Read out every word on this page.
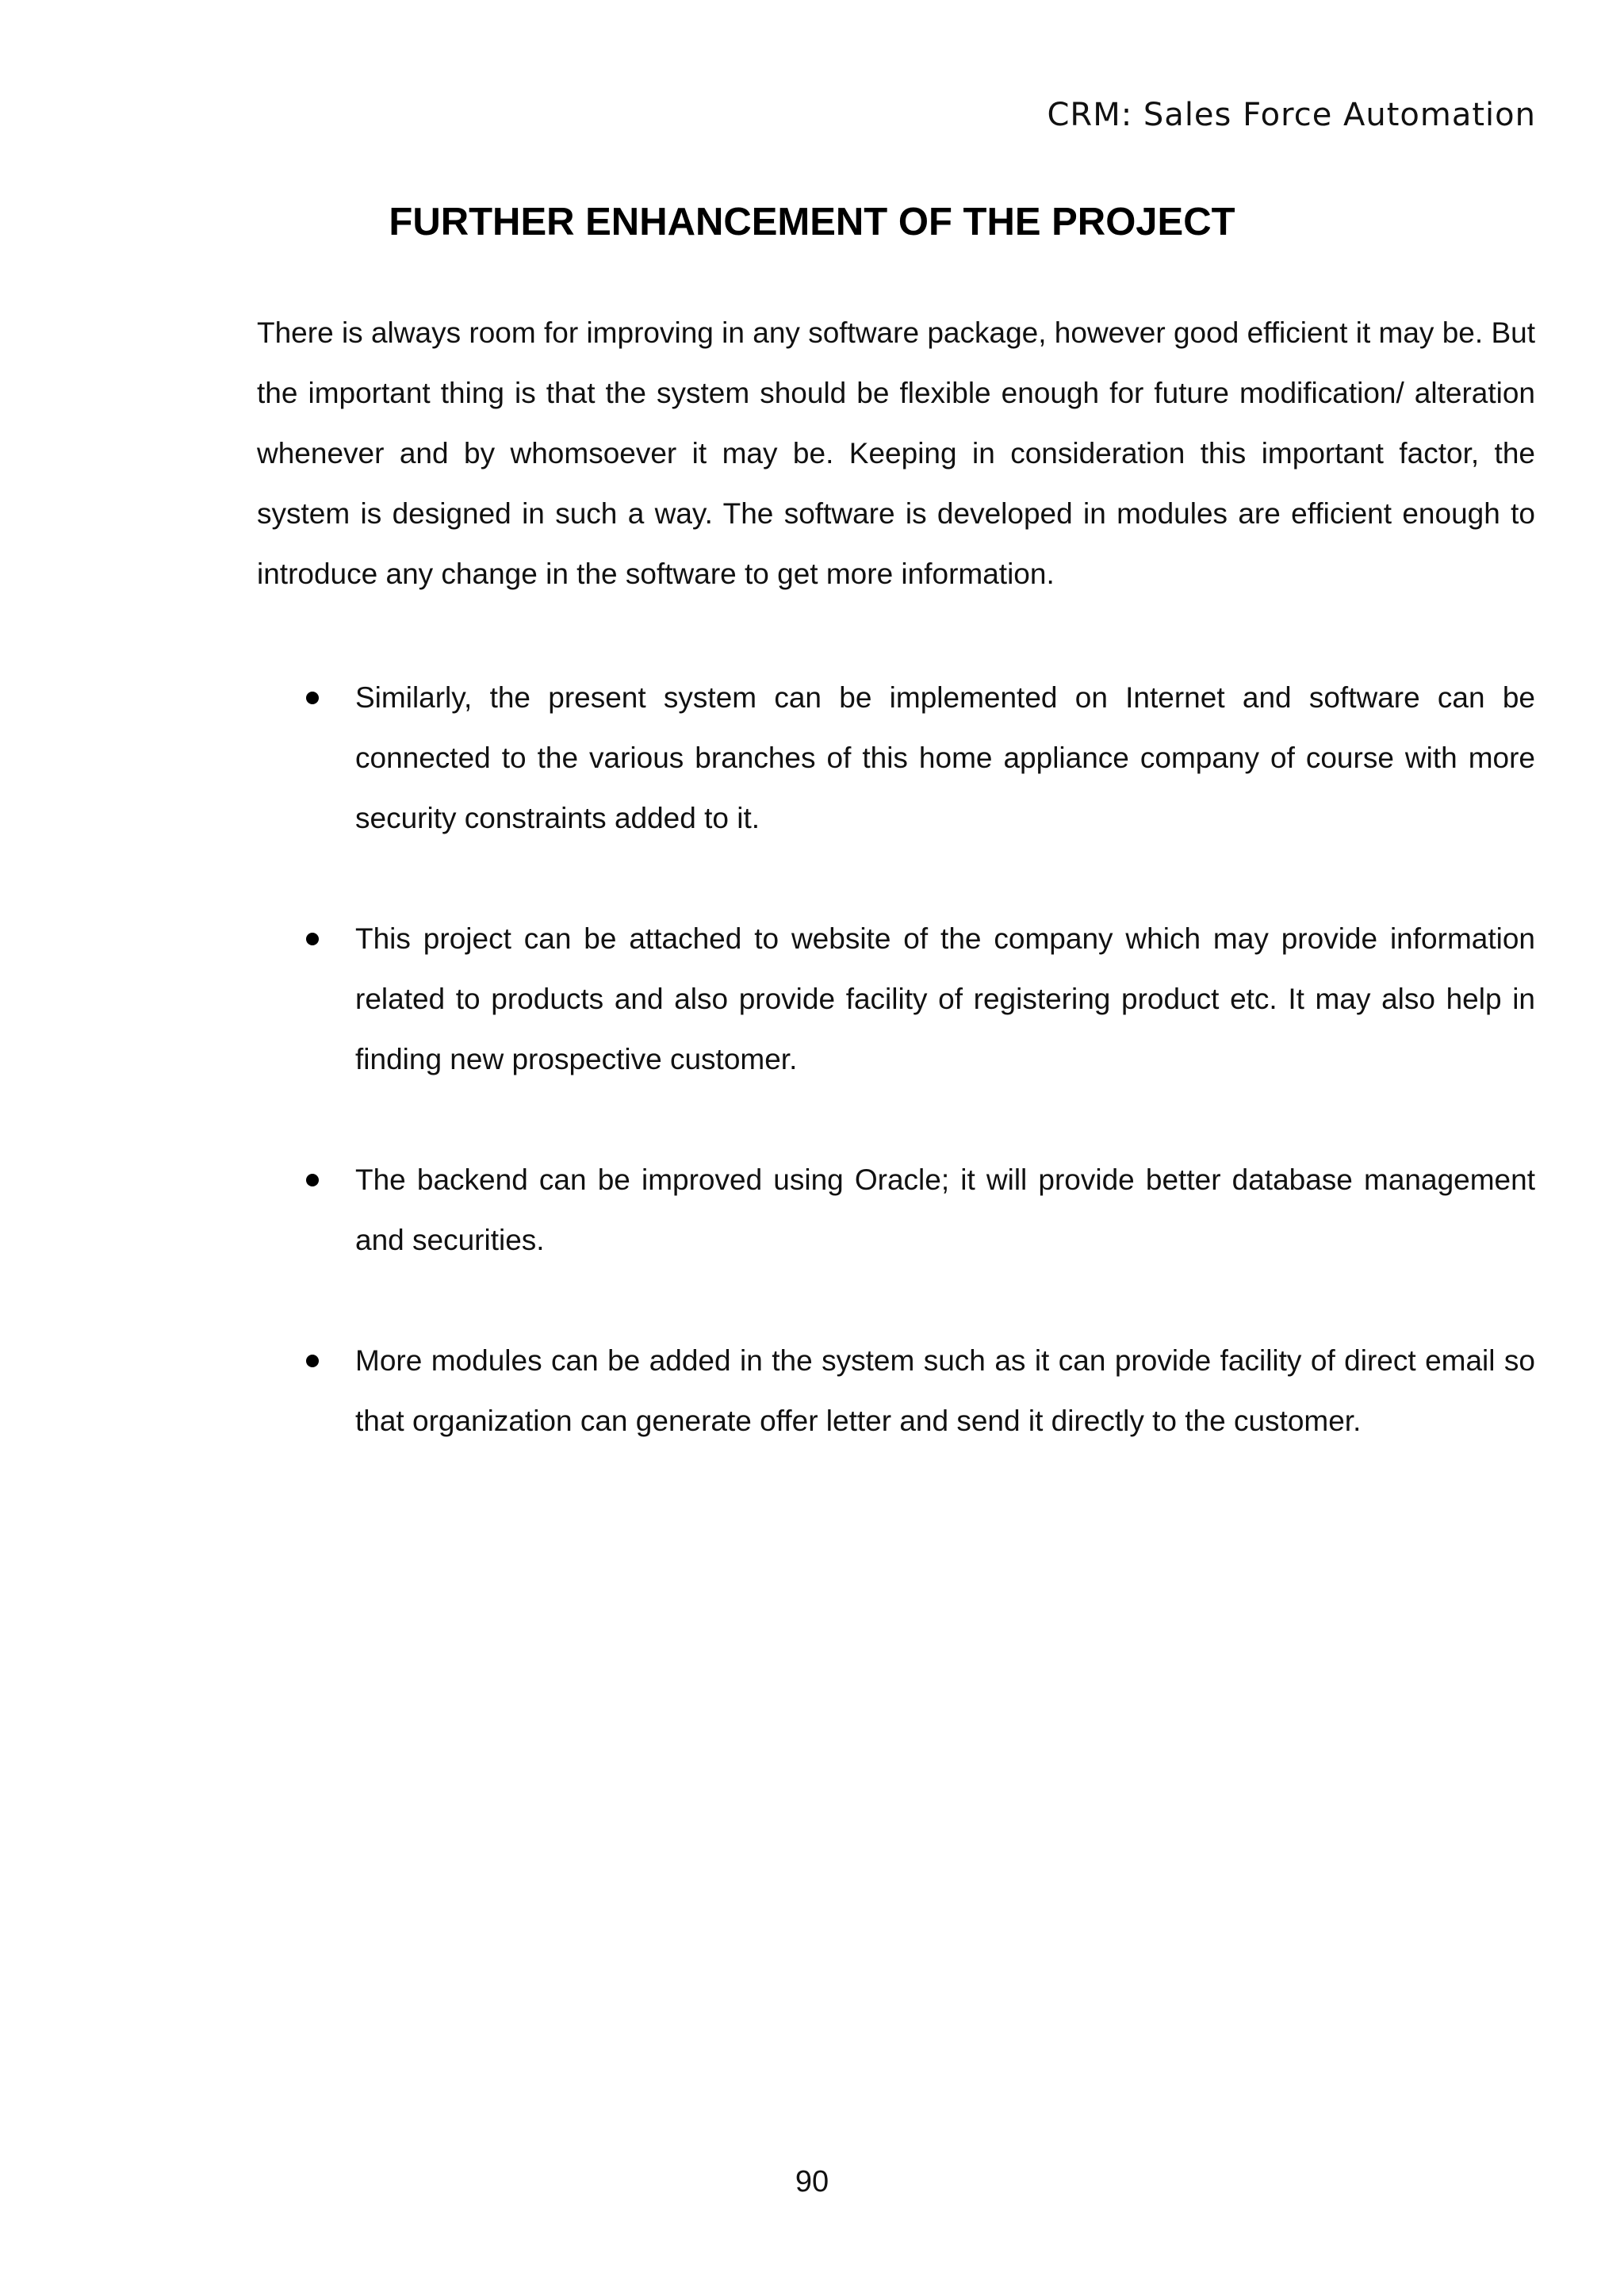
CRM: Sales Force Automation
FURTHER ENHANCEMENT OF THE PROJECT

There is always room for improving in any software package, however good efficient it may be. But the important thing is that the system should be flexible enough for future modification/ alteration whenever and by whomsoever it may be. Keeping in consideration this important factor, the system is designed in such a way. The software is developed in modules are efficient enough to introduce any change in the software to get more information.

Similarly, the present system can be implemented on Internet and software can be connected to the various branches of this home appliance company of course with more security constraints added to it.
This project can be attached to website of the company which may provide information related to products and also provide facility of registering product etc. It may also help in finding new prospective customer.
The backend can be improved using Oracle; it will provide better database management and securities.
More modules can be added in the system such as it can provide facility of direct email so that organization can generate offer letter and send it directly to the customer.
90
